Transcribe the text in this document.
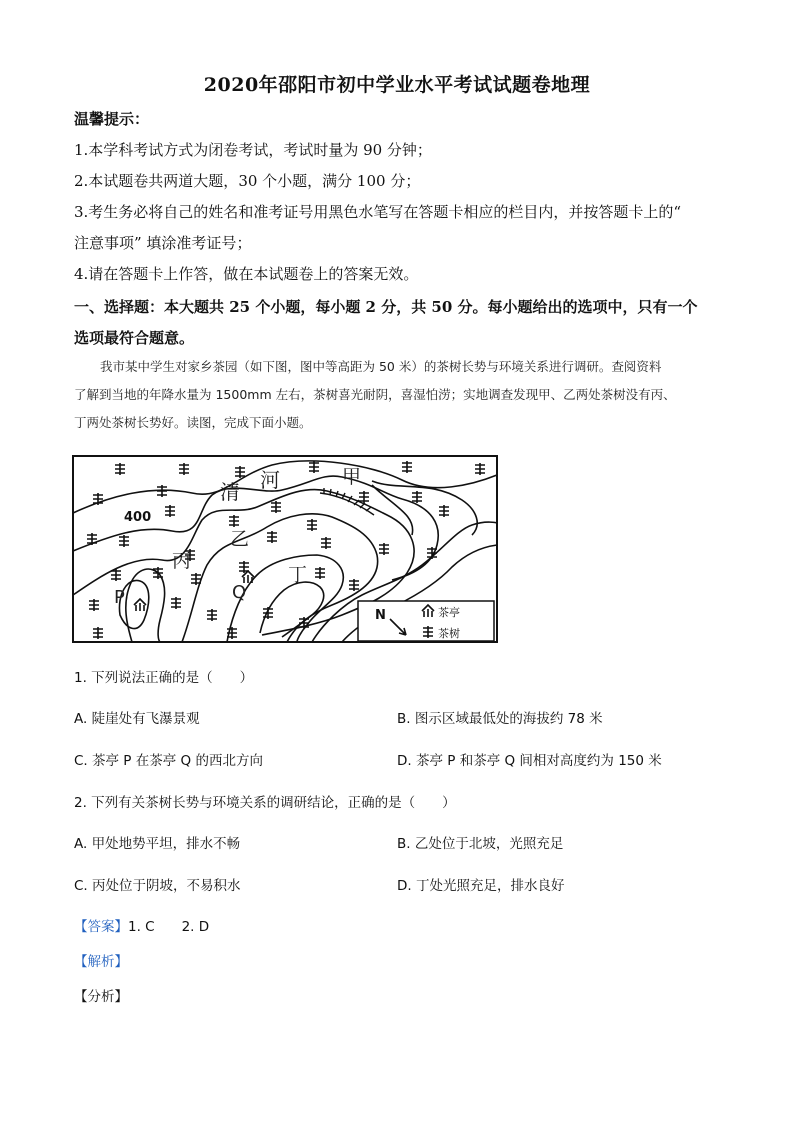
2020年邵阳市初中学业水平考试试题卷地理
温馨提示：
1.本学科考试方式为闭卷考试，考试时量为 90 分钟；
2.本试题卷共两道大题，30 个小题，满分 100 分；
3.考生务必将自己的姓名和准考证号用黑色水笔写在答题卡相应的栏目内，并按答题卡上的“
注意事项” 填涂准考证号；
4.请在答题卡上作答，做在本试题卷上的答案无效。
一、选择题：本大题共 25 个小题，每小题 2 分，共 50 分。每小题给出的选项中，只有一个
选项最符合题意。
我市某中学生对家乡茶园（如下图，图中等高距为 50 米）的茶树长势与环境关系进行调研。查阅资料
了解到当地的年降水量为 1500mm 左右，茶树喜光耐阴，喜湿怕涝；实地调查发现甲、乙两处茶树没有丙、
丁两处茶树长势好。读图，完成下面小题。
清 河	甲
乙
丙
丁
P	Q
400
N	茶亭
茶树
1. 下列说法正确的是（　　）
A. 陡崖处有飞瀑景观	B. 图示区域最低处的海拔约 78 米
C. 茶亭 P 在茶亭 Q 的西北方向	D. 茶亭 P 和茶亭 Q 间相对高度约为 150 米
2. 下列有关茶树长势与环境关系的调研结论，正确的是（　　）
A. 甲处地势平坦，排水不畅	B. 乙处位于北坡，光照充足
C. 丙处位于阴坡，不易积水	D. 丁处光照充足，排水良好
【答案】1. C　　2. D
【解析】
【分析】
